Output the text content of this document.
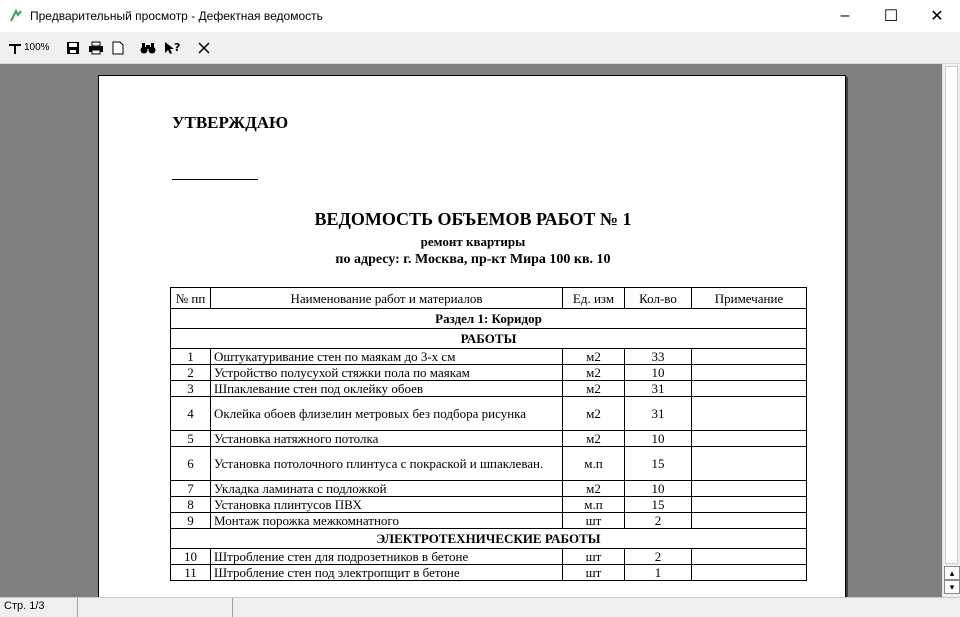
Предварительный просмотр - Дефектная ведомость	–	☐	✕
100%	?
УТВЕРЖДАЮ
ВЕДОМОСТЬ ОБЪЕМОВ РАБОТ № 1
ремонт квартиры
по адресу: г. Москва, пр-кт Мира 100 кв. 10
№ пп	Наименование работ и материалов	Ед. изм	Кол-во	Примечание
Раздел 1: Коридор				
РАБОТЫ				
1	Оштукатуривание стен по маякам до 3-х см	м2	33	
2	Устройство полусухой стяжки пола по маякам	м2	10	
3	Шпаклевание стен под оклейку обоев	м2	31	
4	Оклейка обоев флизелин метровых без подбора рисунка	м2	31	
5	Установка натяжного потолка	м2	10	
6	Установка потолочного плинтуса с покраской и шпаклеван.	м.п	15	
7	Укладка ламината с подложкой	м2	10	
8	Установка плинтусов ПВХ	м.п	15	
9	Монтаж порожка межкомнатного	шт	2	
ЭЛЕКТРОТЕХНИЧЕСКИЕ РАБОТЫ				
10	Штробление стен для подрозетников в бетоне	шт	2	
11	Штробление стен под электропщит в бетоне	шт	1		▴
▾
Стр. 1/3
